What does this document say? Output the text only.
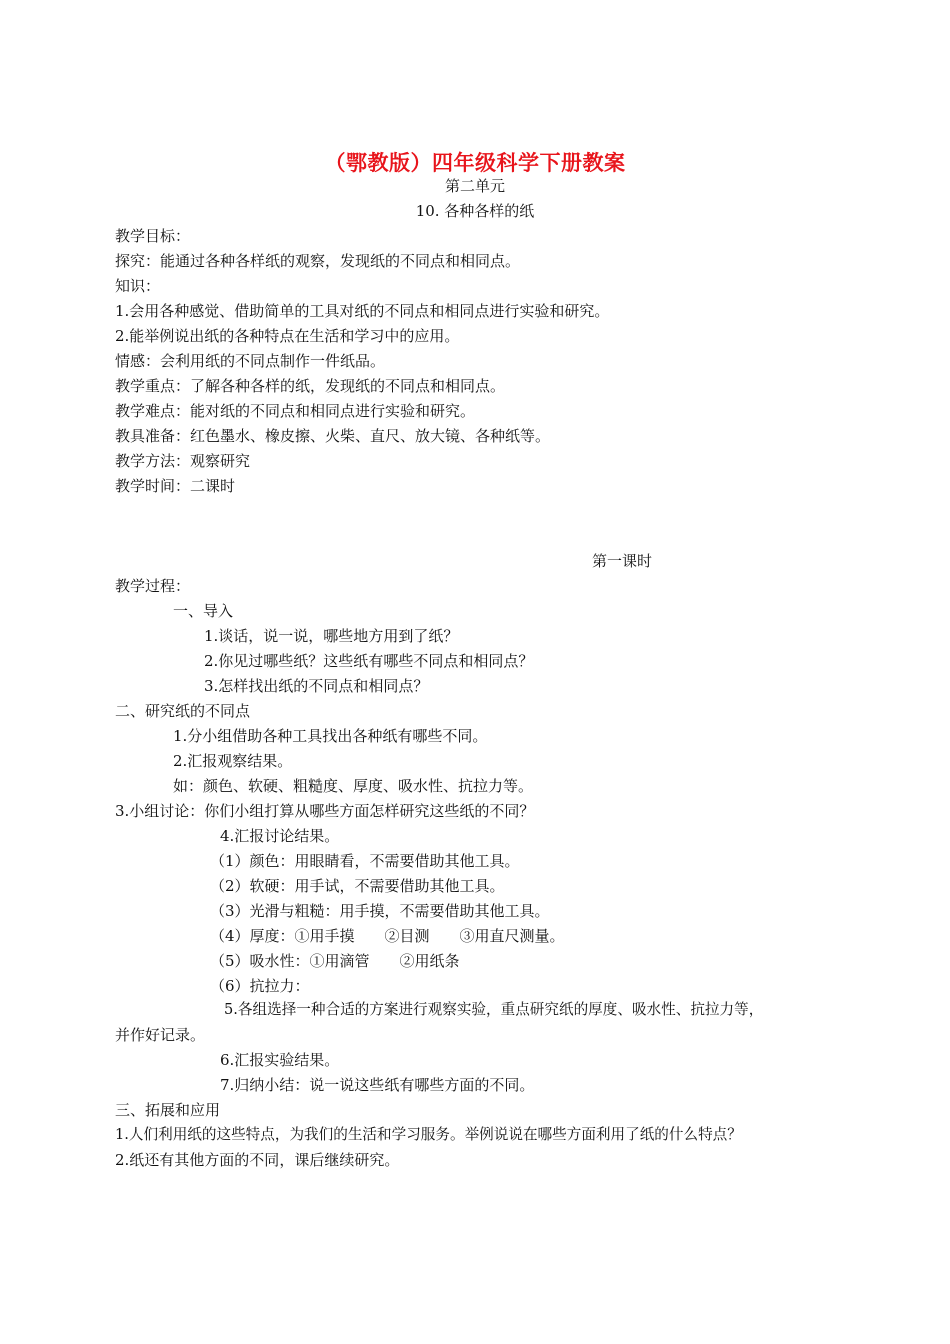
（鄂教版）四年级科学下册教案
第二单元
10. 各种各样的纸
教学目标：
探究：能通过各种各样纸的观察，发现纸的不同点和相同点。
知识：
1.会用各种感觉、借助简单的工具对纸的不同点和相同点进行实验和研究。
2.能举例说出纸的各种特点在生活和学习中的应用。
情感：会利用纸的不同点制作一件纸品。
教学重点：了解各种各样的纸，发现纸的不同点和相同点。
教学难点：能对纸的不同点和相同点进行实验和研究。
教具准备：红色墨水、橡皮擦、火柴、直尺、放大镜、各种纸等。
教学方法：观察研究
教学时间：二课时
第一课时
教学过程：
一、导入
1.谈话，说一说，哪些地方用到了纸？
2.你见过哪些纸？这些纸有哪些不同点和相同点？
3.怎样找出纸的不同点和相同点？
二、研究纸的不同点
1.分小组借助各种工具找出各种纸有哪些不同。
2.汇报观察结果。
如：颜色、软硬、粗糙度、厚度、吸水性、抗拉力等。
3.小组讨论：你们小组打算从哪些方面怎样研究这些纸的不同？
4.汇报讨论结果。
（1）颜色：用眼睛看，不需要借助其他工具。
（2）软硬：用手试，不需要借助其他工具。
（3）光滑与粗糙：用手摸，不需要借助其他工具。
（4）厚度：①用手摸　　②目测　　③用直尺测量。
（5）吸水性：①用滴管　　②用纸条
（6）抗拉力：
5.各组选择一种合适的方案进行观察实验，重点研究纸的厚度、吸水性、抗拉力等，
并作好记录。
6.汇报实验结果。
7.归纳小结：说一说这些纸有哪些方面的不同。
三、拓展和应用
1.人们利用纸的这些特点，为我们的生活和学习服务。举例说说在哪些方面利用了纸的什么特点？
2.纸还有其他方面的不同，课后继续研究。
